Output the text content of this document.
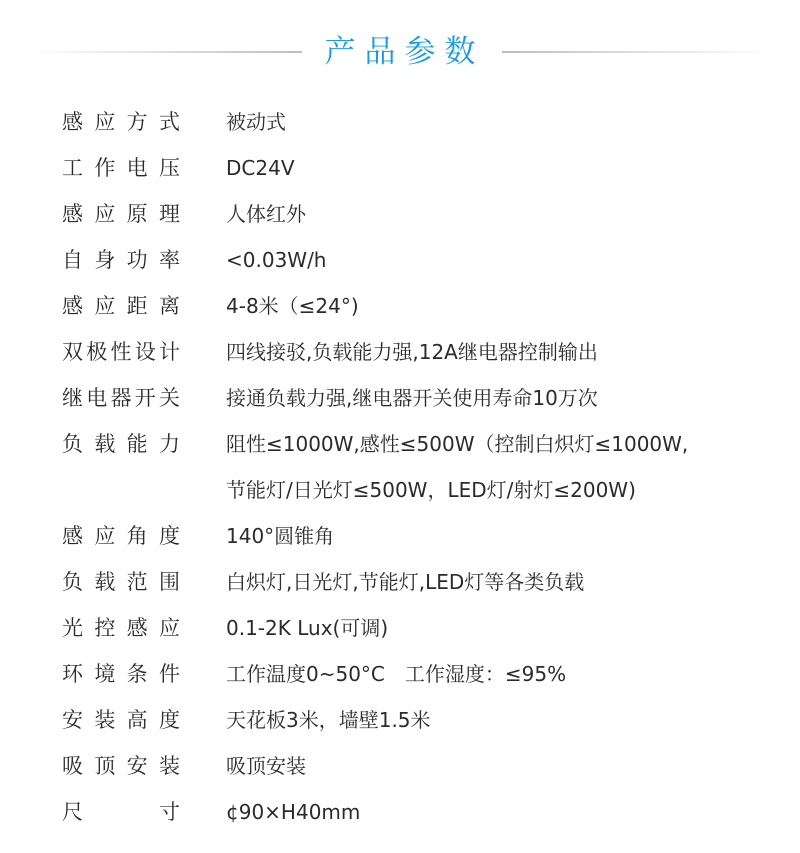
产品参数
感应方式 被动式
工作电压 DC24V
感应原理 人体红外
自身功率 <0.03W/h
感应距离 4-8米（≤24°)
双极性设计 四线接驳,负载能力强,12A继电器控制输出
继电器开关 接通负载力强,继电器开关使用寿命10万次
负载能力 阻性≤1000W,感性≤500W（控制白炽灯≤1000W,
节能灯/日光灯≤500W，LED灯/射灯≤200W)
感应角度 140°圆锥角
负载范围 白炽灯,日光灯,节能灯,LED灯等各类负载
光控感应 0.1-2K Lux(可调)
环境条件 工作温度0~50°C　工作湿度：≤95%
安装高度 天花板3米，墙壁1.5米
吸顶安装 吸顶安装
尺寸 ¢90×H40mm
